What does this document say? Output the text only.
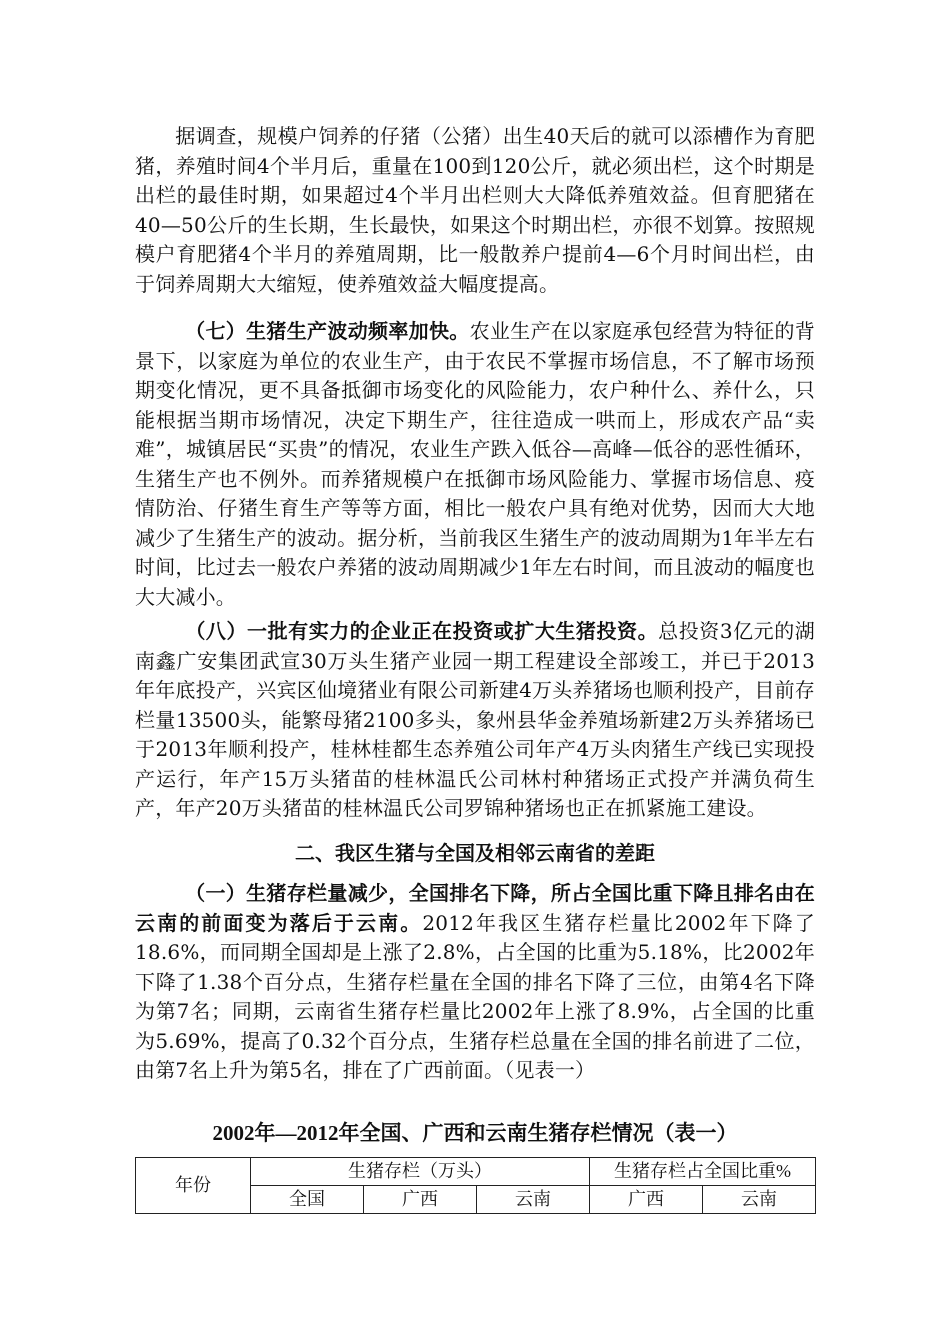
据调查，规模户饲养的仔猪（公猪）出生40天后的就可以添槽作为育肥猪，养殖时间4个半月后，重量在100到120公斤，就必须出栏，这个时期是出栏的最佳时期，如果超过4个半月出栏则大大降低养殖效益。但育肥猪在40—50公斤的生长期，生长最快，如果这个时期出栏，亦很不划算。按照规模户育肥猪4个半月的养殖周期，比一般散养户提前4—6个月时间出栏，由于饲养周期大大缩短，使养殖效益大幅度提高。

（七）生猪生产波动频率加快。农业生产在以家庭承包经营为特征的背景下，以家庭为单位的农业生产，由于农民不掌握市场信息，不了解市场预期变化情况，更不具备抵御市场变化的风险能力，农户种什么、养什么，只能根据当期市场情况，决定下期生产，往往造成一哄而上，形成农产品“卖难”，城镇居民“买贵”的情况，农业生产跌入低谷—高峰—低谷的恶性循环，生猪生产也不例外。而养猪规模户在抵御市场风险能力、掌握市场信息、疫情防治、仔猪生育生产等等方面，相比一般农户具有绝对优势，因而大大地减少了生猪生产的波动。据分析，当前我区生猪生产的波动周期为1年半左右时间，比过去一般农户养猪的波动周期减少1年左右时间，而且波动的幅度也大大减小。

（八）一批有实力的企业正在投资或扩大生猪投资。总投资3亿元的湖南鑫广安集团武宣30万头生猪产业园一期工程建设全部竣工，并已于2013年年底投产，兴宾区仙境猪业有限公司新建4万头养猪场也顺利投产，目前存栏量13500头，能繁母猪2100多头，象州县华金养殖场新建2万头养猪场已于2013年顺利投产，桂林桂都生态养殖公司年产4万头肉猪生产线已实现投产运行，年产15万头猪苗的桂林温氏公司林村种猪场正式投产并满负荷生产，年产20万头猪苗的桂林温氏公司罗锦种猪场也正在抓紧施工建设。

二、我区生猪与全国及相邻云南省的差距

（一）生猪存栏量减少，全国排名下降，所占全国比重下降且排名由在云南的前面变为落后于云南。2012年我区生猪存栏量比2002年下降了18.6%，而同期全国却是上涨了2.8%，占全国的比重为5.18%，比2002年下降了1.38个百分点，生猪存栏量在全国的排名下降了三位，由第4名下降为第7名；同期，云南省生猪存栏量比2002年上涨了8.9%，占全国的比重为5.69%，提高了0.32个百分点，生猪存栏总量在全国的排名前进了二位，由第7名上升为第5名，排在了广西前面。（见表一）

2002年—2012年全国、广西和云南生猪存栏情况（表一）
年份	生猪存栏（万头）			生猪存栏占全国比重%	
	全国	广西	云南	广西	云南
